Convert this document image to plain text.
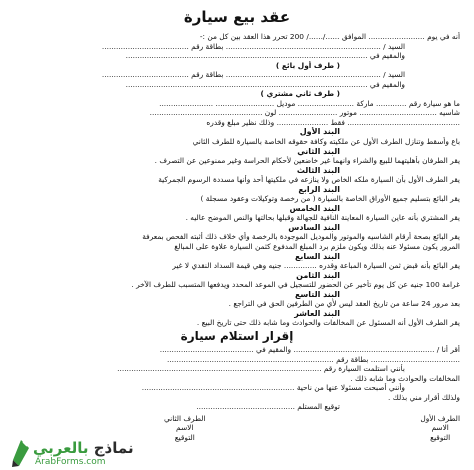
عقد بيع سيارة
أنه في يوم ........................ الموافق ....../....../ 200 تحرر هذا العقد بين كل من :-
السيد / .................................................................. بطاقة رقم .....................................
والمقيم في .......................................................................................................
( طرف أول بائع )
السيد / .................................................................. بطاقة رقم .....................................
والمقيم في .......................................................................................................
( طرف ثاني مشتري )
ما هو سيارة رقم ............. ماركة ........................ موديل ......................... .......................
شاسيه ................................. موتور ......................... لون ................................................
................................................ فقط ...................... وذلك نظير مبلغ وقدره
البند الأول
باع وأسقط وتنازل الطرف الأول عن ملكيته وكافة حقوقه الخاصة بالسيارة للطرف الثاني
البند الثاني
يقر الطرفان بأهليتهما للبيع والشراء وانهما غير خاضعين لأحكام الحراسة وغير ممنوعين عن التصرف .
البند الثالث
يقر الطرف الأول بأن السيارة ملكه الخاص ولا ينازعه في ملكيتها أحد وأنها مسددة الرسوم الجمركية
البند الرابع
يقر البائع بتسليم جميع الأوراق الخاصة بالسيارة ( من رخصة وتوكيلات وعقود مسجلة )
البند الخامس
يقر المشتري بأنه عاين السيارة المعاينة النافية للجهالة وقبلها بحالتها والنص الموضح عاليه .
البند السادس
يقر البائع بصحة أرقام الشاسيه والموتور والموديل الموجودة بالرخصة وأي خلاف ذلك أثبته الفحص بمعرفة
المرور يكون مسئولا عنه بذلك ويكون ملزم برد المبلغ المدفوع كثمن السيارة علاوة على المبالغ
البند السابع
يقر البائع بأنه قبض ثمن السيارة المباعة وقدره .............. جنيه وهي قيمة السداد النقدي لا غير
البند الثامن
غرامة 100 جنيه عن كل يوم تأخير عن الحضور للتسجيل في الموعد المحدد ويدفعها المتسبب للطرف الآخر .
البند التاسع
بعد مرور 24 ساعة من تاريخ العقد ليس لأي من الطرفين الحق في التراجع .
البند العاشر
يقر الطرف الأول أنه المسئول عن المخالفات والحوادث وما شابه ذلك حتى تاريخ البيع .
إقرار استلام سيارة
أقر أنا / ............................................................ والمقيم في ........................................
...................................... بطاقة رقم .......................................................................
بأنني استلمت السيارة رقم .......................................................................................
المخالفات والحوادث وما شابه ذلك .
وأنني أصبحت مسئولا عنها من ناحية .................................................................
ولذلك أقرار مني بذلك .
توقيع المستلم ..........................................
الطرف الأول
الاسم
التوقيع
الطرف الثاني
الاسم
التوقيع
نماذج بالعربي
ArabForms.com
